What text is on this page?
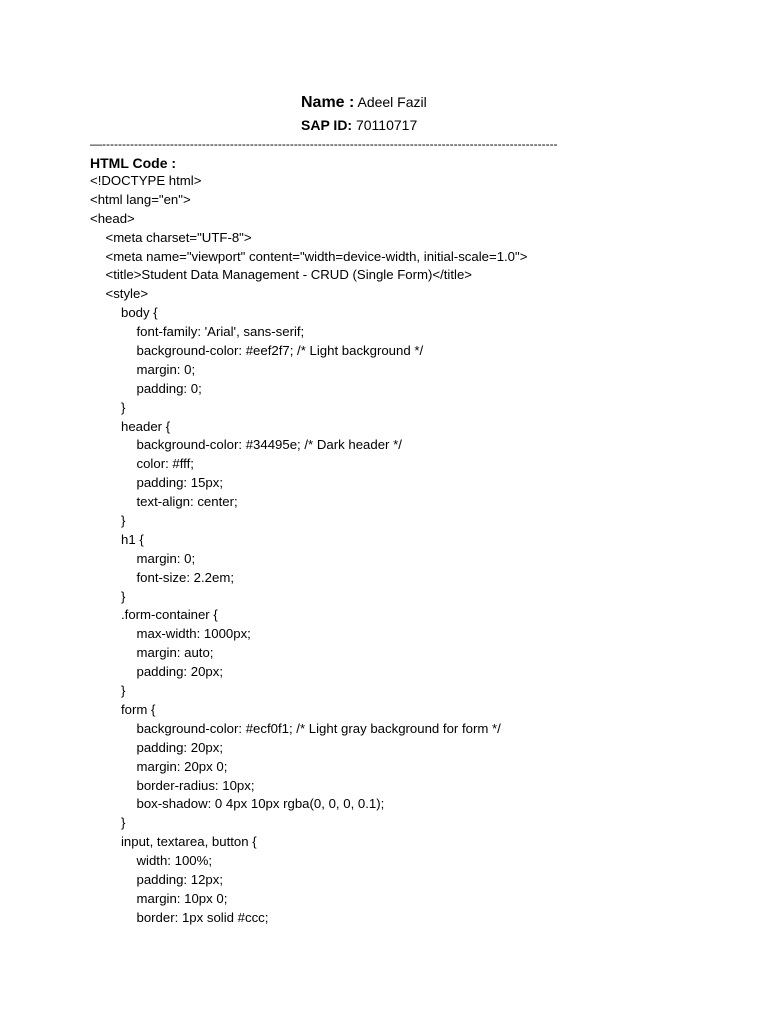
Name : Adeel Fazil
SAP ID: 70110717
—------------------------------------------------------------------------------------------------------------------
HTML Code :
<!DOCTYPE html>
<html lang="en">
<head>
<meta charset="UTF-8">
<meta name="viewport" content="width=device-width, initial-scale=1.0">
<title>Student Data Management - CRUD (Single Form)</title>
<style>
body {
font-family: 'Arial', sans-serif;
background-color: #eef2f7; /* Light background */
margin: 0;
padding: 0;
}
header {
background-color: #34495e; /* Dark header */
color: #fff;
padding: 15px;
text-align: center;
}
h1 {
margin: 0;
font-size: 2.2em;
}
.form-container {
max-width: 1000px;
margin: auto;
padding: 20px;
}
form {
background-color: #ecf0f1; /* Light gray background for form */
padding: 20px;
margin: 20px 0;
border-radius: 10px;
box-shadow: 0 4px 10px rgba(0, 0, 0, 0.1);
}
input, textarea, button {
width: 100%;
padding: 12px;
margin: 10px 0;
border: 1px solid #ccc;
